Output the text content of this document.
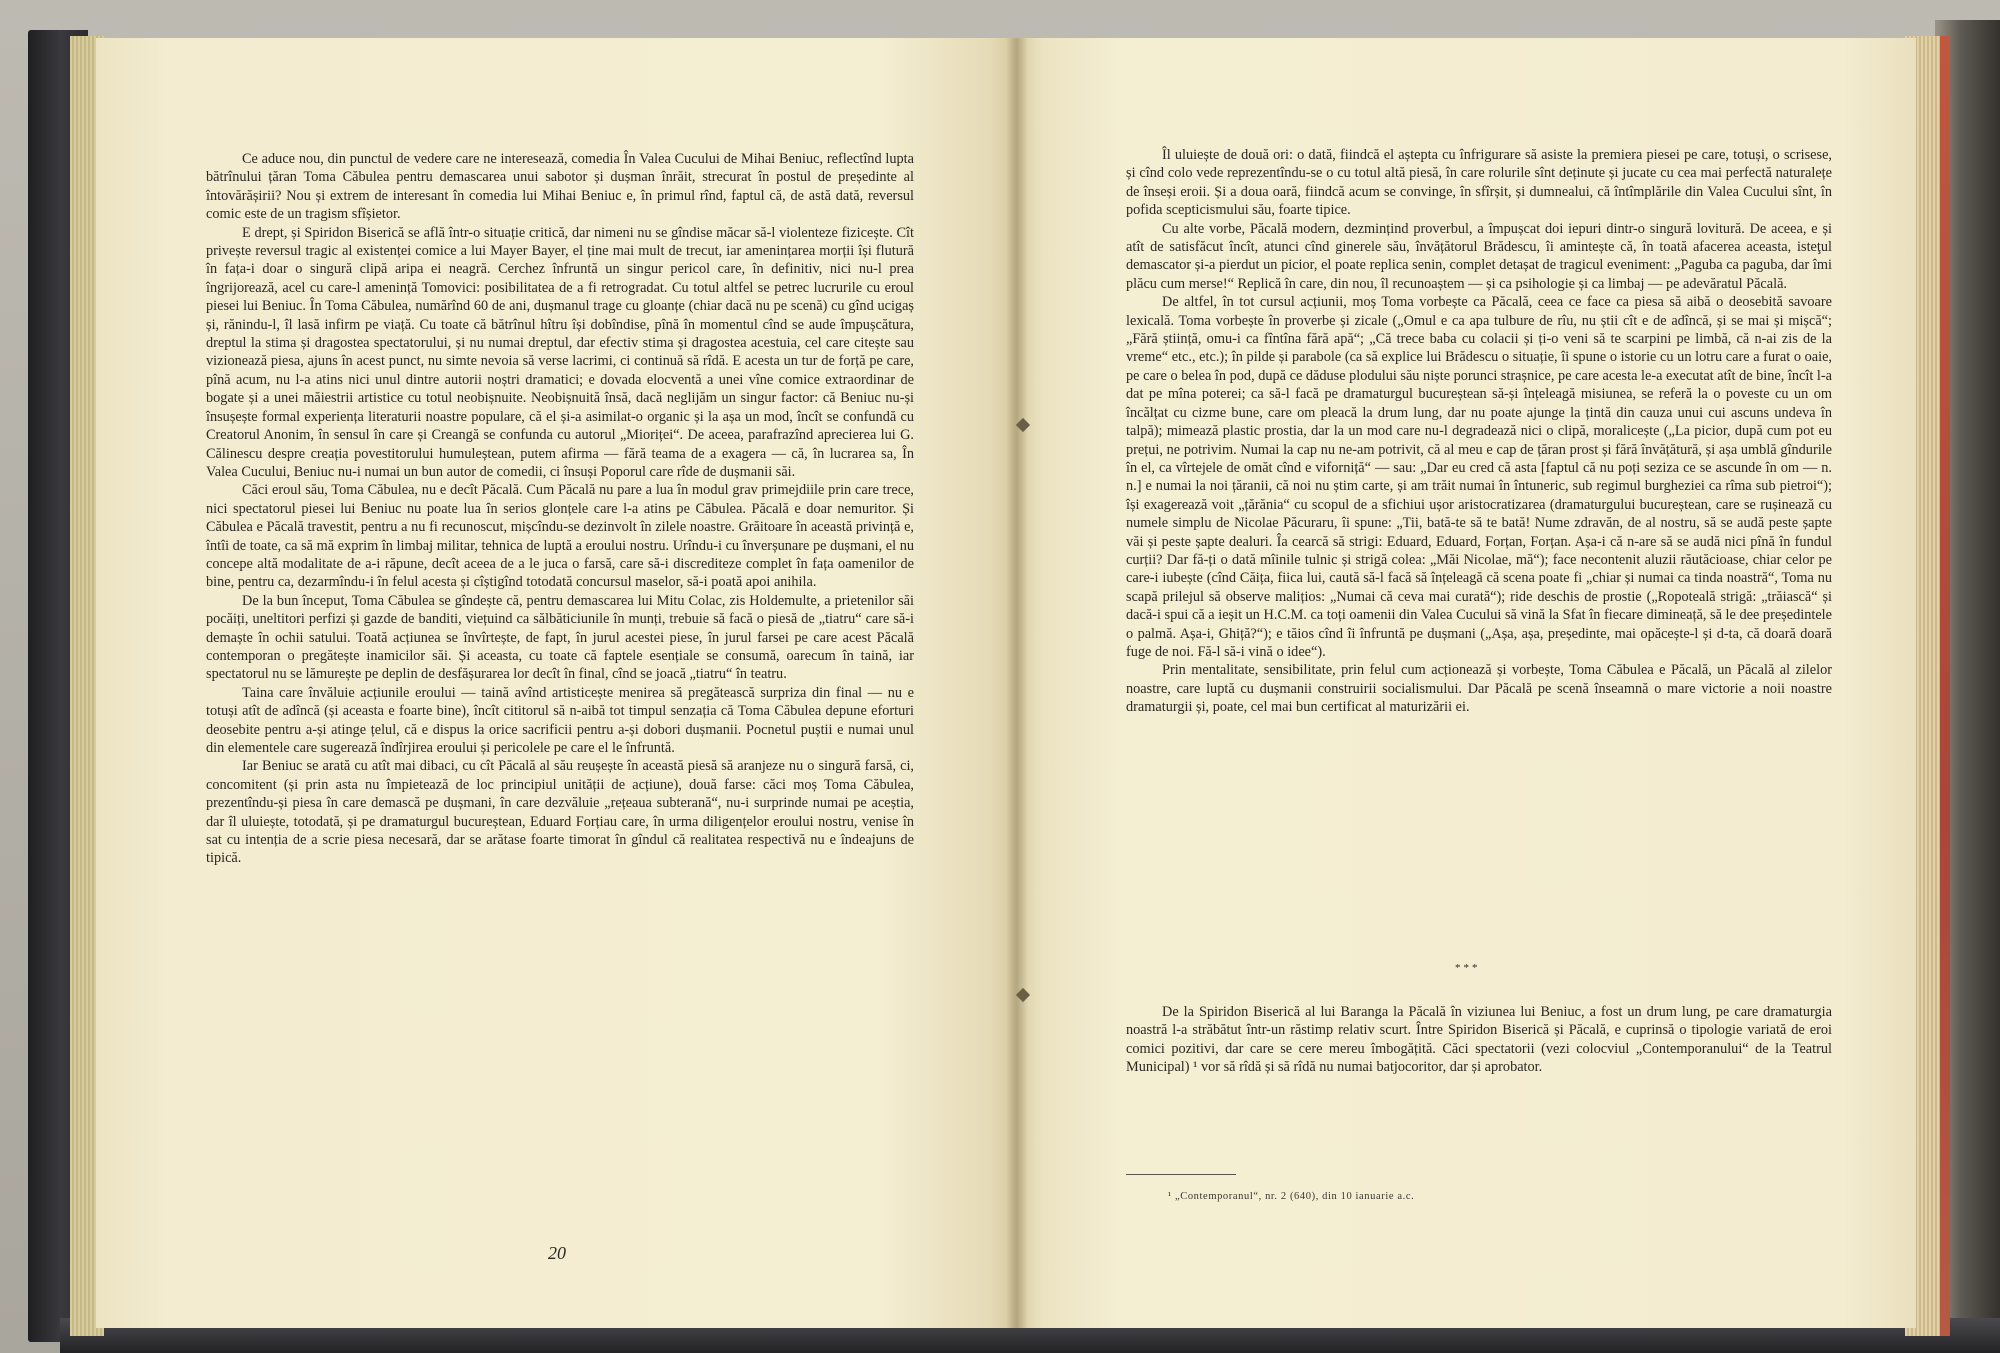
Ce aduce nou, din punctul de vedere care ne interesează, comedia În Valea Cucului de Mihai Beniuc, reflectînd lupta bătrînului țăran Toma Căbulea pentru demascarea unui sabotor și dușman înrăit, strecurat în postul de președinte al întovărășirii? Nou și extrem de interesant în comedia lui Mihai Beniuc e, în primul rînd, faptul că, de astă dată, reversul comic este de un tragism sfîșietor.

E drept, și Spiridon Biserică se află într-o situație critică, dar nimeni nu se gîndise măcar să-l violenteze fizicește. Cît privește reversul tragic al existenței comice a lui Mayer Bayer, el ține mai mult de trecut, iar amenințarea morții își flutură în fața-i doar o singură clipă aripa ei neagră. Cerchez înfruntă un singur pericol care, în definitiv, nici nu-l prea îngrijorează, acel cu care-l amenință Tomovici: posibilitatea de a fi retrogradat. Cu totul altfel se petrec lucrurile cu eroul piesei lui Beniuc. În Toma Căbulea, numărînd 60 de ani, dușmanul trage cu gloanțe (chiar dacă nu pe scenă) cu gînd ucigaș și, rănindu-l, îl lasă infirm pe viață. Cu toate că bătrînul hîtru își dobîndise, pînă în momentul cînd se aude împușcătura, dreptul la stima și dragostea spectatorului, și nu numai dreptul, dar efectiv stima și dragostea acestuia, cel care citește sau vizionează piesa, ajuns în acest punct, nu simte nevoia să verse lacrimi, ci continuă să rîdă. E acesta un tur de forță pe care, pînă acum, nu l-a atins nici unul dintre autorii noștri dramatici; e dovada elocventă a unei vîne comice extraordinar de bogate și a unei măiestrii artistice cu totul neobișnuite. Neobișnuită însă, dacă neglijăm un singur factor: că Beniuc nu-și însușește formal experiența literaturii noastre populare, că el și-a asimilat-o organic și la așa un mod, încît se confundă cu Creatorul Anonim, în sensul în care și Creangă se confunda cu autorul „Mioriței“. De aceea, parafrazînd aprecierea lui G. Călinescu despre creația povestitorului humuleștean, putem afirma — fără teama de a exagera — că, în lucrarea sa, În Valea Cucului, Beniuc nu-i numai un bun autor de comedii, ci însuși Poporul care rîde de dușmanii săi.

Căci eroul său, Toma Căbulea, nu e decît Păcală. Cum Păcală nu pare a lua în modul grav primejdiile prin care trece, nici spectatorul piesei lui Beniuc nu poate lua în serios glonțele care l-a atins pe Căbulea. Păcală e doar nemuritor. Și Căbulea e Păcală travestit, pentru a nu fi recunoscut, mișcîndu-se dezinvolt în zilele noastre. Grăitoare în această privință e, întîi de toate, ca să mă exprim în limbaj militar, tehnica de luptă a eroului nostru. Urîndu-i cu înverșunare pe dușmani, el nu concepe altă modalitate de a-i răpune, decît aceea de a le juca o farsă, care să-i discrediteze complet în fața oamenilor de bine, pentru ca, dezarmîndu-i în felul acesta și cîștigînd totodată concursul maselor, să-i poată apoi anihila.

De la bun început, Toma Căbulea se gîndește că, pentru demascarea lui Mitu Colac, zis Holdemulte, a prietenilor săi pocăiți, uneltitori perfizi și gazde de banditi, viețuind ca sălbăticiunile în munți, trebuie să facă o piesă de „tiatru“ care să-i demaște în ochii satului. Toată acțiunea se învîrtește, de fapt, în jurul acestei piese, în jurul farsei pe care acest Păcală contemporan o pregătește inamicilor săi. Și aceasta, cu toate că faptele esențiale se consumă, oarecum în taină, iar spectatorul nu se lămurește pe deplin de desfășurarea lor decît în final, cînd se joacă „tiatru“ în teatru.

Taina care învăluie acțiunile eroului — taină avînd artisticește menirea să pregătească surpriza din final — nu e totuși atît de adîncă (și aceasta e foarte bine), încît cititorul să n-aibă tot timpul senzația că Toma Căbulea depune eforturi deosebite pentru a-și atinge țelul, că e dispus la orice sacrificii pentru a-și dobori dușmanii. Pocnetul puștii e numai unul din elementele care sugerează îndîrjirea eroului și pericolele pe care el le înfruntă.

Iar Beniuc se arată cu atît mai dibaci, cu cît Păcală al său reușește în această piesă să aranjeze nu o singură farsă, ci, concomitent (și prin asta nu împietează de loc principiul unității de acțiune), două farse: căci moș Toma Căbulea, prezentîndu-și piesa în care demască pe dușmani, în care dezvăluie „rețeaua subterană“, nu-i surprinde numai pe aceștia, dar îl uluiește, totodată, și pe dramaturgul bucureștean, Eduard Forțiau care, în urma diligențelor eroului nostru, venise în sat cu intenția de a scrie piesa necesară, dar se arătase foarte timorat în gîndul că realitatea respectivă nu e îndeajuns de tipică.

20

Îl uluiește de două ori: o dată, fiindcă el aștepta cu înfrigurare să asiste la premiera piesei pe care, totuși, o scrisese, și cînd colo vede reprezentîndu-se o cu totul altă piesă, în care rolurile sînt deținute și jucate cu cea mai perfectă naturalețe de înseși eroii. Și a doua oară, fiindcă acum se convinge, în sfîrșit, și dumnealui, că întîmplările din Valea Cucului sînt, în pofida scepticismului său, foarte tipice.

Cu alte vorbe, Păcală modern, dezmințind proverbul, a împușcat doi iepuri dintr-o singură lovitură. De aceea, e și atît de satisfăcut încît, atunci cînd ginerele său, învățătorul Brădescu, îi amintește că, în toată afacerea aceasta, isteţul demascator și-a pierdut un picior, el poate replica senin, complet detașat de tragicul eveniment: „Paguba ca paguba, dar îmi plăcu cum merse!“ Replică în care, din nou, îl recunoaștem — și ca psihologie și ca limbaj — pe adevăratul Păcală.

De altfel, în tot cursul acțiunii, moș Toma vorbește ca Păcală, ceea ce face ca piesa să aibă o deosebită savoare lexicală. Toma vorbește în proverbe și zicale („Omul e ca apa tulbure de rîu, nu știi cît e de adîncă, și se mai și mișcă“; „Fără știință, omu-i ca fîntîna fără apă“; „Că trece baba cu colacii și ți-o veni să te scarpini pe limbă, că n-ai zis de la vreme“ etc., etc.); în pilde și parabole (ca să explice lui Brădescu o situație, îi spune o istorie cu un lotru care a furat o oaie, pe care o belea în pod, după ce dăduse plodului său niște porunci strașnice, pe care acesta le-a executat atît de bine, încît l-a dat pe mîna poterei; ca să-l facă pe dramaturgul bucureștean să-și înțeleagă misiunea, se referă la o poveste cu un om încălțat cu cizme bune, care om pleacă la drum lung, dar nu poate ajunge la țintă din cauza unui cui ascuns undeva în talpă); mimează plastic prostia, dar la un mod care nu-l degradează nici o clipă, moralicește („La picior, după cum pot eu prețui, ne potrivim. Numai la cap nu ne-am potrivit, că al meu e cap de țăran prost și fără învățătură, și așa umblă gîndurile în el, ca vîrtejele de omăt cînd e viforniță“ — sau: „Dar eu cred că asta [faptul că nu poți seziza ce se ascunde în om — n. n.] e numai la noi țăranii, că noi nu știm carte, și am trăit numai în întuneric, sub regimul burgheziei ca rîma sub pietroi“); își exagerează voit „țărănia“ cu scopul de a sfichiui ușor aristocratizarea (dramaturgului bucureștean, care se rușinează cu numele simplu de Nicolae Păcuraru, îi spune: „Tii, bată-te să te bată! Nume zdravăn, de al nostru, să se audă peste șapte văi și peste șapte dealuri. Îa cearcă să strigi: Eduard, Eduard, Forțan, Forțan. Așa-i că n-are să se audă nici pînă în fundul curții? Dar fă-ți o dată mîinile tulnic și strigă colea: „Măi Nicolae, mă“); face necontenit aluzii răutăcioase, chiar celor pe care-i iubește (cînd Căița, fiica lui, caută să-l facă să înțeleagă că scena poate fi „chiar și numai ca tinda noastră“, Toma nu scapă prilejul să observe malițios: „Numai că ceva mai curată“); ride deschis de prostie („Ropoteală strigă: „trăiască“ și dacă-i spui că a ieșit un H.C.M. ca toți oamenii din Valea Cucului să vină la Sfat în fiecare dimineață, să le dee președintele o palmă. Așa-i, Ghiță?“); e tăios cînd îi înfruntă pe dușmani („Așa, așa, președinte, mai opăcește-l și d-ta, că doară doară fuge de noi. Fă-l să-i vină o idee“).

Prin mentalitate, sensibilitate, prin felul cum acționează și vorbește, Toma Căbulea e Păcală, un Păcală al zilelor noastre, care luptă cu dușmanii construirii socialismului. Dar Păcală pe scenă înseamnă o mare victorie a noii noastre dramaturgii și, poate, cel mai bun certificat al maturizării ei.

***

De la Spiridon Biserică al lui Baranga la Păcală în viziunea lui Beniuc, a fost un drum lung, pe care dramaturgia noastră l-a străbătut într-un răstimp relativ scurt. Între Spiridon Biserică și Păcală, e cuprinsă o tipologie variată de eroi comici pozitivi, dar care se cere mereu îmbogățită. Căci spectatorii (vezi colocviul „Contemporanului“ de la Teatrul Municipal) ¹ vor să rîdă și să rîdă nu numai batjocoritor, dar și aprobator.

¹ „Contemporanul“, nr. 2 (640), din 10 ianuarie a.c.
